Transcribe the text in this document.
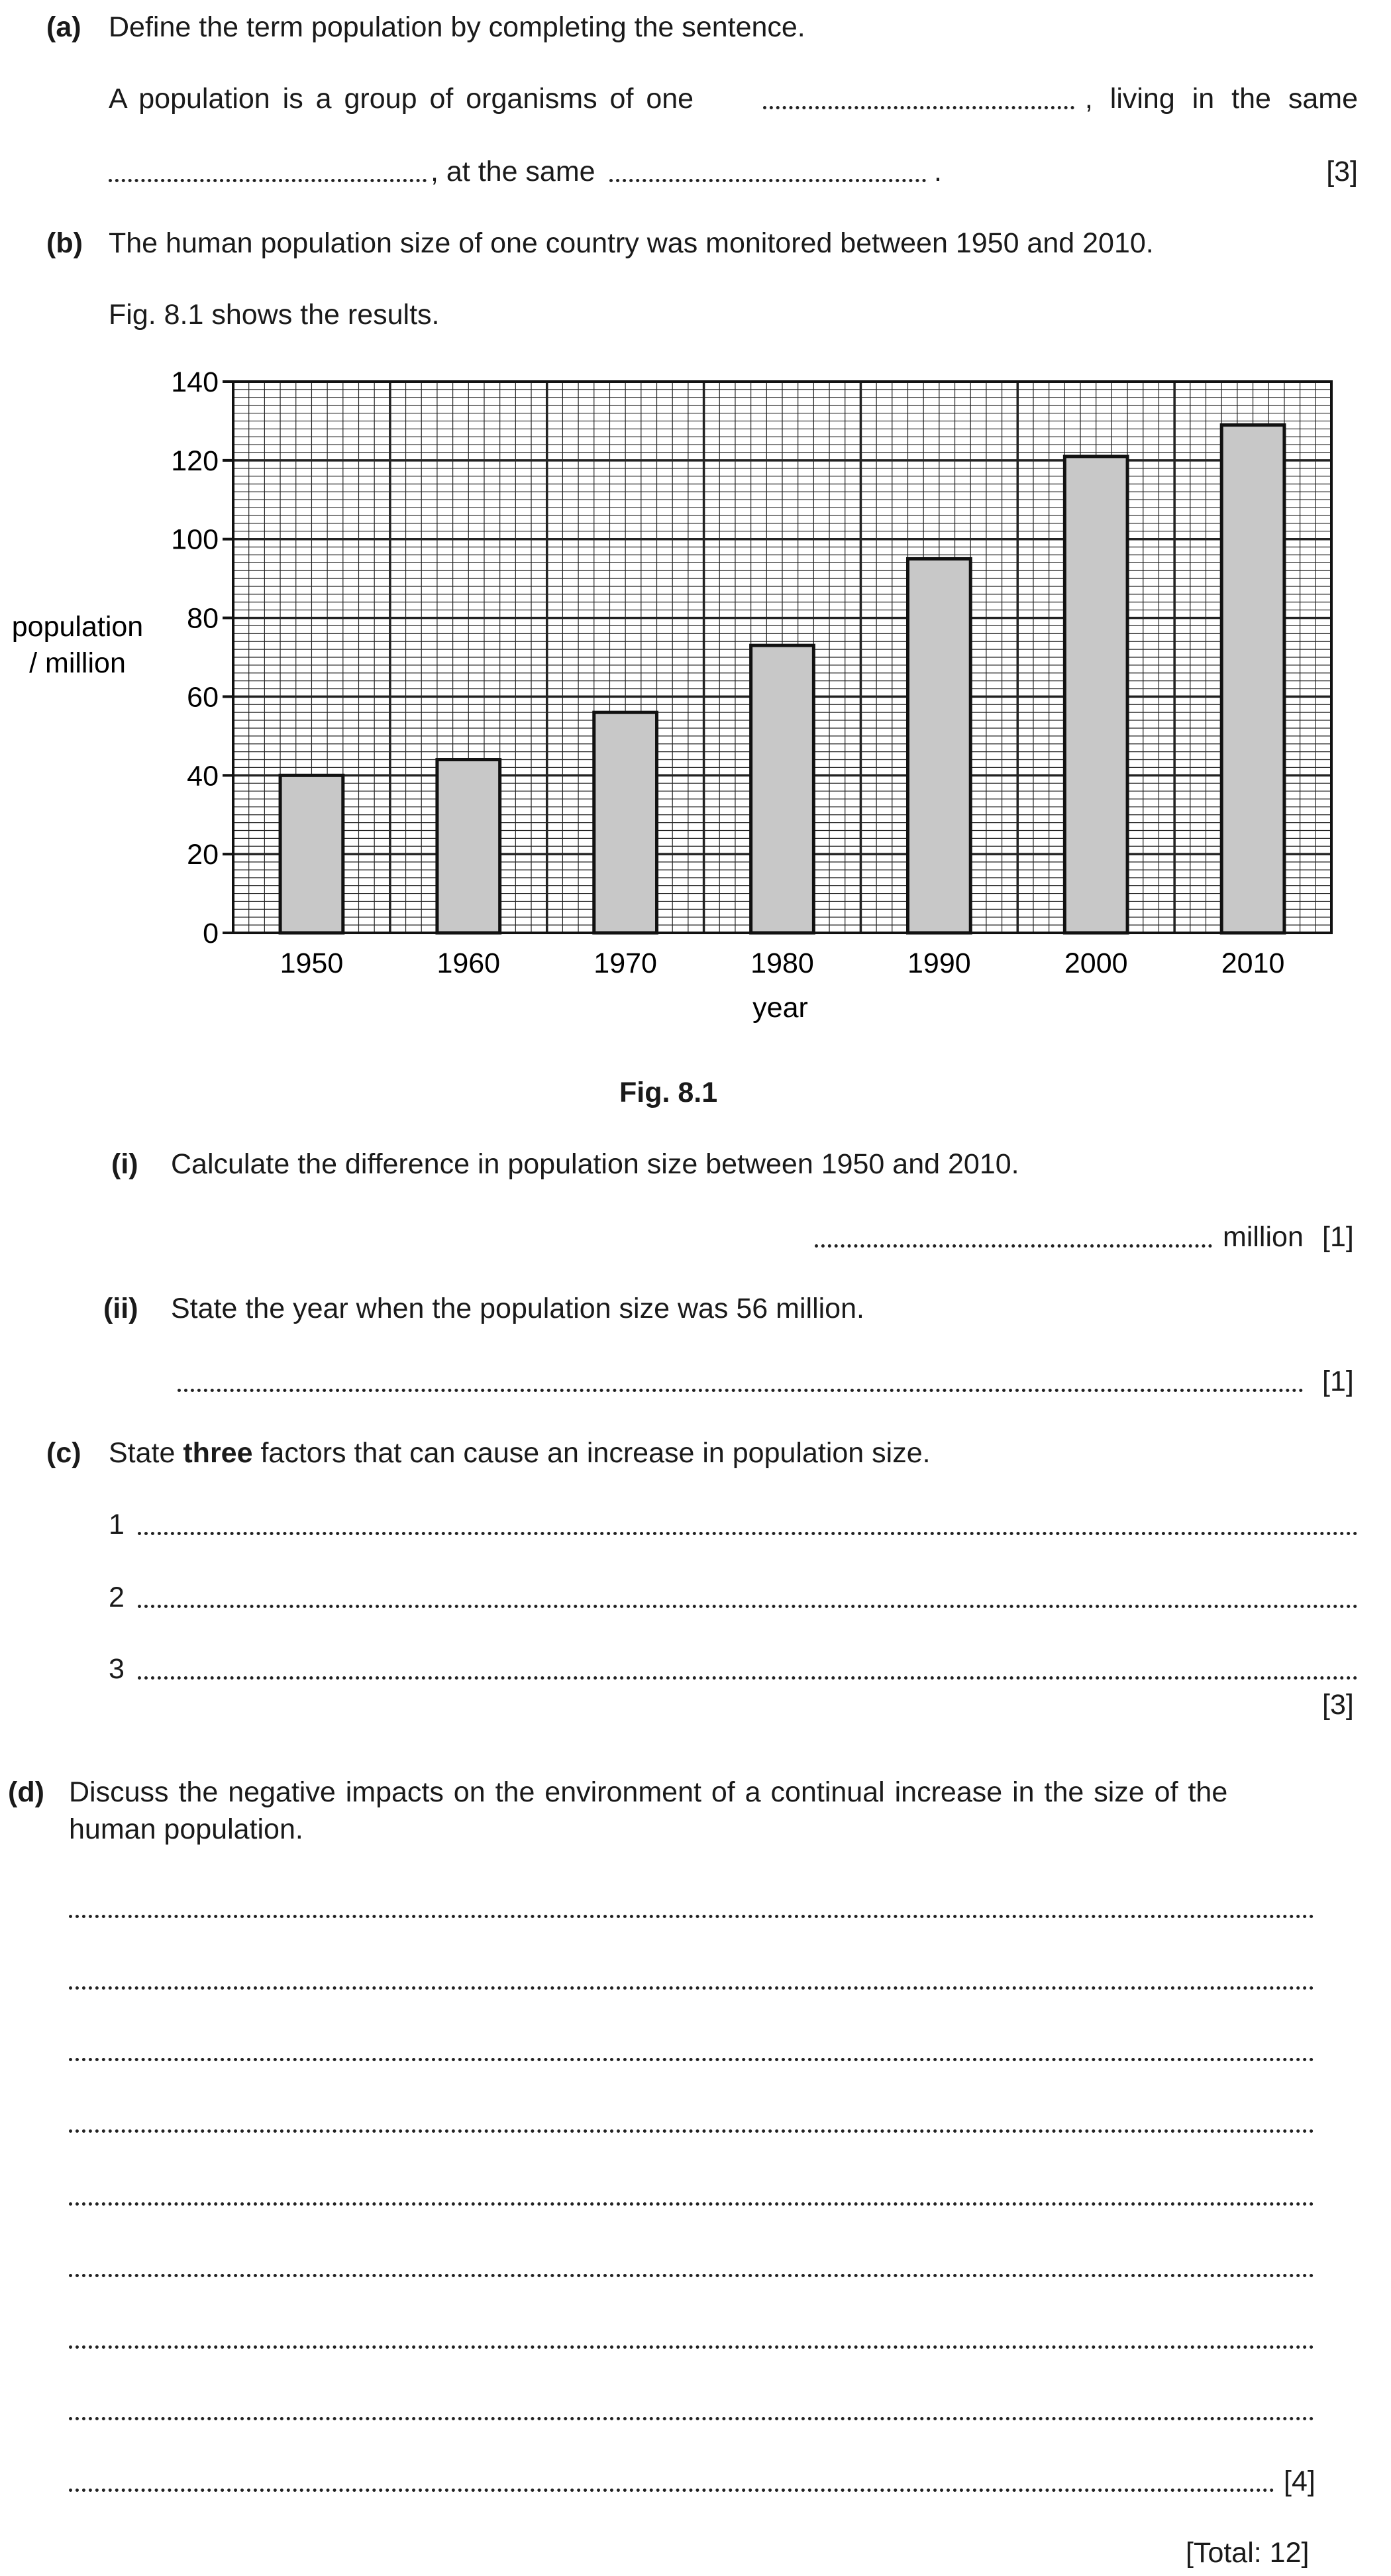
(a) Define the term population by completing the sentence.
A population is a group of organisms of one	, living in the same
, at the same	.	[3]
(b) The human population size of one country was monitored between 1950 and 2010.
Fig. 8.1 shows the results.
0
20
40
60
80
100
120
140
1950	1960	1970	1980	1990	2000	2010
year
population
/ million
Fig. 8.1
(i) Calculate the difference in population size between 1950 and 2010.
million [1]
(ii) State the year when the population size was 56 million.
[1]
(c) State three factors that can cause an increase in population size.
1
2
3
[3]
(d) Discuss the negative impacts on the environment of a continual increase in the size of the
human population.
[4]
[Total: 12]
